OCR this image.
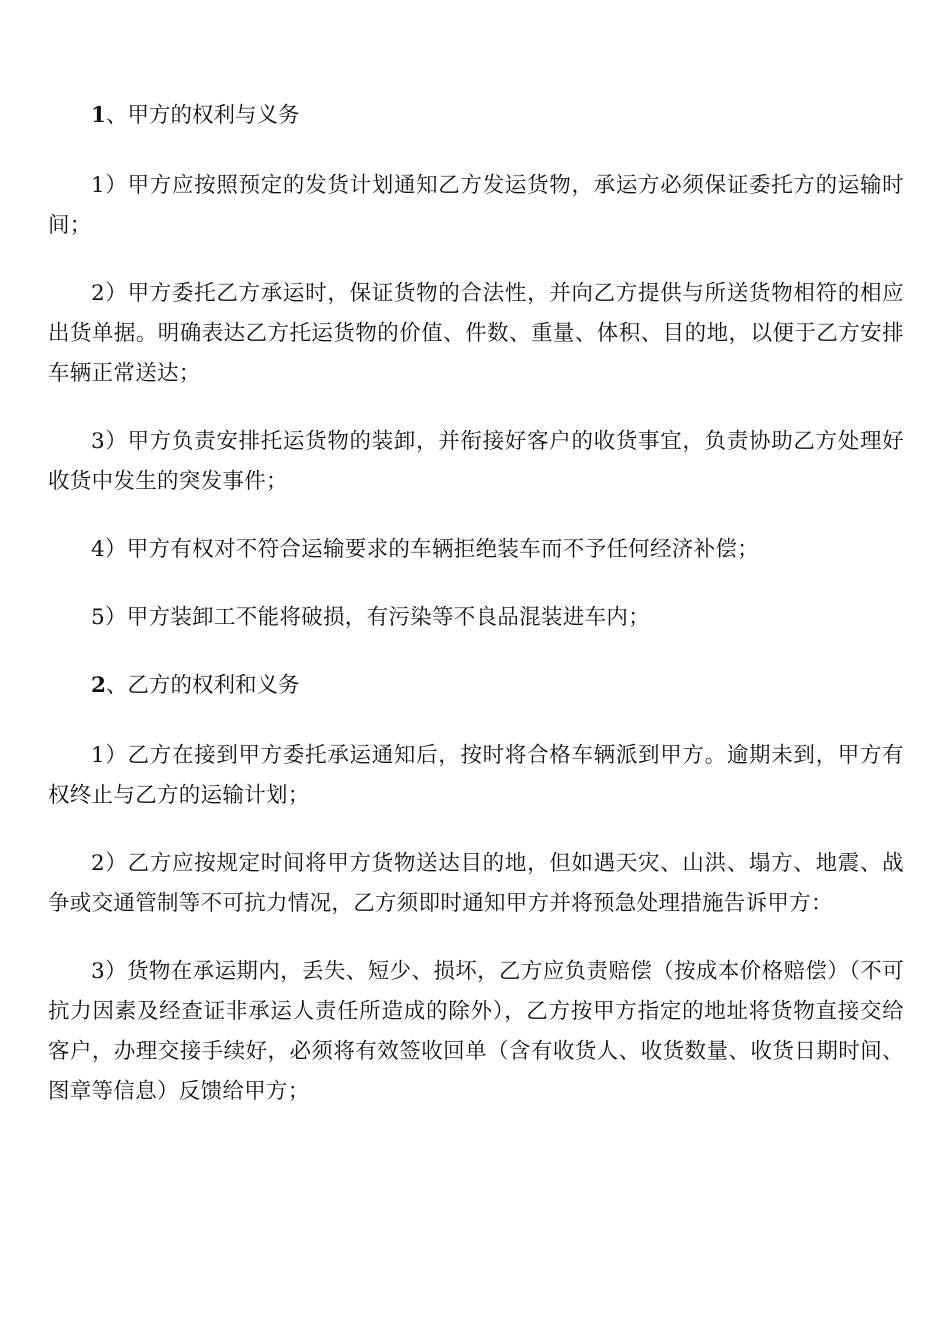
1、甲方的权利与义务

1）甲方应按照预定的发货计划通知乙方发运货物，承运方必须保证委托方的运输时间；

2）甲方委托乙方承运时，保证货物的合法性，并向乙方提供与所送货物相符的相应出货单据。明确表达乙方托运货物的价值、件数、重量、体积、目的地，以便于乙方安排车辆正常送达；

3）甲方负责安排托运货物的装卸，并衔接好客户的收货事宜，负责协助乙方处理好收货中发生的突发事件；

4）甲方有权对不符合运输要求的车辆拒绝装车而不予任何经济补偿；

5）甲方装卸工不能将破损，有污染等不良品混装进车内；

2、乙方的权利和义务

1）乙方在接到甲方委托承运通知后，按时将合格车辆派到甲方。逾期未到，甲方有权终止与乙方的运输计划；

2）乙方应按规定时间将甲方货物送达目的地，但如遇天灾、山洪、塌方、地震、战争或交通管制等不可抗力情况，乙方须即时通知甲方并将预急处理措施告诉甲方：

3）货物在承运期内，丢失、短少、损坏，乙方应负责赔偿（按成本价格赔偿）（不可抗力因素及经查证非承运人责任所造成的除外），乙方按甲方指定的地址将货物直接交给客户，办理交接手续好，必须将有效签收回单（含有收货人、收货数量、收货日期时间、图章等信息）反馈给甲方；
